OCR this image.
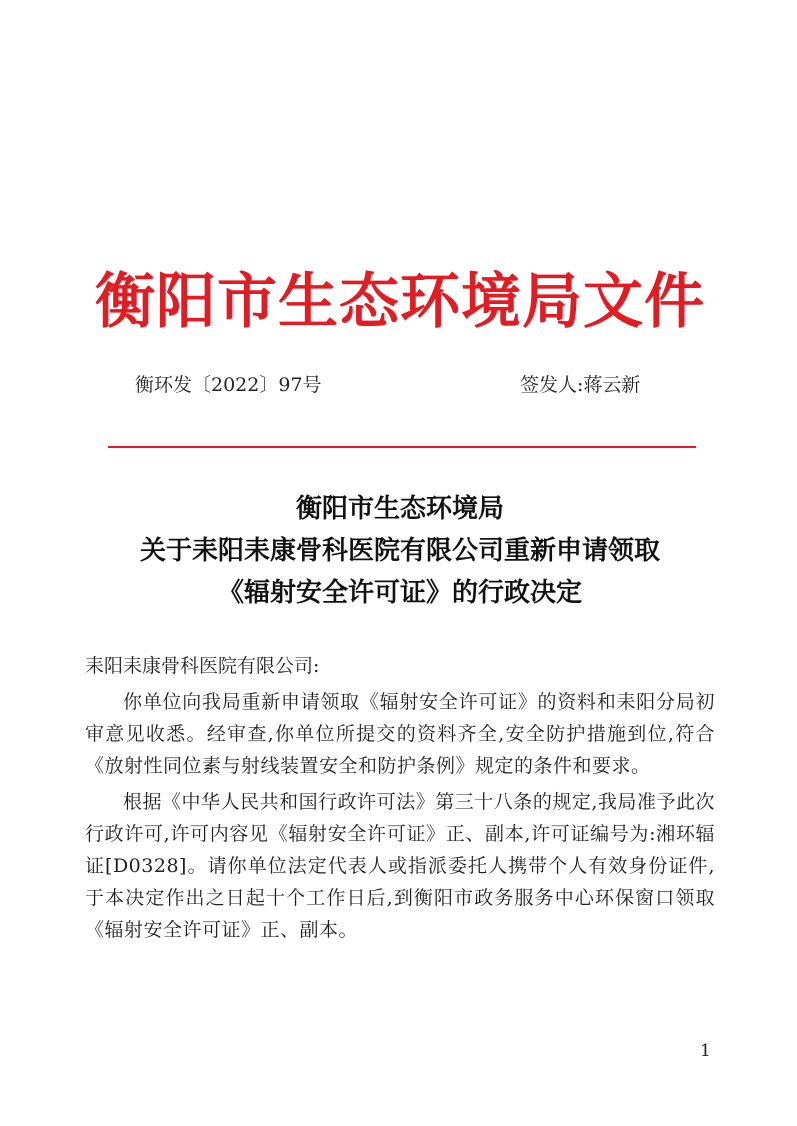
衡阳市生态环境局文件
衡环发〔2022〕97号	签发人:蒋云新
衡阳市生态环境局
关于耒阳耒康骨科医院有限公司重新申请领取
《辐射安全许可证》的行政决定

耒阳耒康骨科医院有限公司:

你单位向我局重新申请领取《辐射安全许可证》的资料和耒阳分局初审意见收悉。经审查,你单位所提交的资料齐全,安全防护措施到位,符合《放射性同位素与射线装置安全和防护条例》规定的条件和要求。

根据《中华人民共和国行政许可法》第三十八条的规定,我局准予此次行政许可,许可内容见《辐射安全许可证》正、副本,许可证编号为:湘环辐证[D0328]。请你单位法定代表人或指派委托人携带个人有效身份证件,于本决定作出之日起十个工作日后,到衡阳市政务服务中心环保窗口领取《辐射安全许可证》正、副本。

1
